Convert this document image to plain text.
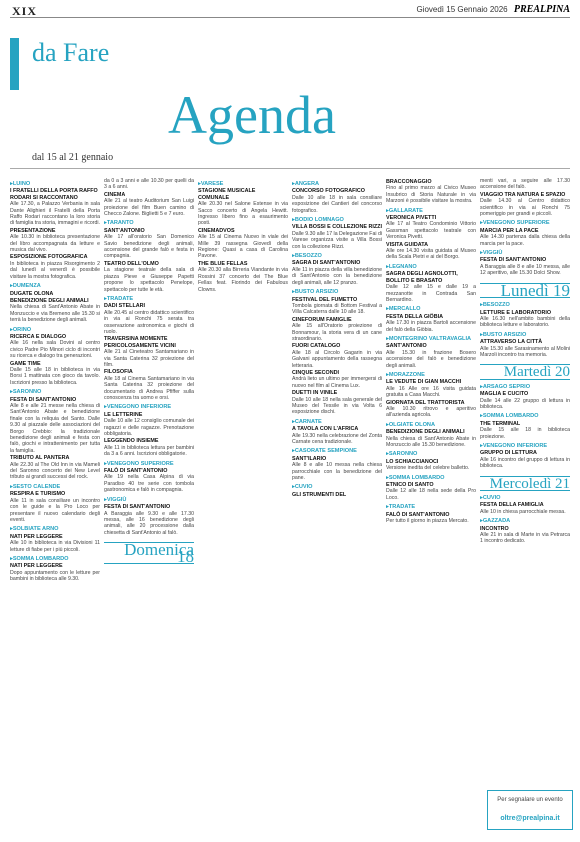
XIX	Giovedì 15 Gennaio 2026 PREALPINA
da Fare
Agenda
dal 15 al 21 gennaio
▸ LUINO
I FRATELLI DELLA PORTA RAFFO RODARI SI RACCONTANO
Alle 17.30, a Palazzo Verbania in sala Dante Alighieri il Fratelli della Porta Raffo Rodari raccontano la loro storia di famiglia tra storia, immagini e ricordi.
PRESENTAZIONE
Alle 10.30 in biblioteca presentazione del libro accompagnata da letture e musica dal vivo.
ESPOSIZIONE FOTOGRAFICA
In biblioteca in piazza Risorgimento 2 dal lunedì al venerdì è possibile visitare la mostra fotografica.
▸ DUMENZA
DUGATE OLONA
BENEDIZIONE DEGLI ANIMALI
Nella chiesa di Sant'Antonio Abate in Monzuccio e via Bremeno alle 15.30 si terrà la benedizione degli animali.
▸ ORINO
RICERCA E DIALOGO
Alle 16 nella sala Dovini al centro civico Padre Pio Minori ciclo di incontri su ricerca e dialogo tra generazioni.
GAME TIME
Dalle 15 alle 18 in biblioteca in via Borsi 1 mattinata con gioco da tavolo. Iscrizioni presso la biblioteca.
▸ SARONNO
FESTA DI SANT'ANTONIO
Alle 8 e alle 21 messe nella chiesa di Sant'Antonio Abate e benedizione finale con la reliquia del Santo. Dalle 9.30 al piazzale delle associazioni del Borgo Crebbio: la tradizionale benedizione degli animali e festa con falò, giochi e intrattenimento per tutta la famiglia.
TRIBUTO AL PANTERA
Alle 22.30 al The Old Inn in via Mameli del Saronno concerto dei New Level tributo ai grandi successi del rock.
▸ SESTO CALENDE
RESPIRA E TURISMO
Alle 11 in sala consiliare un incontro con le guide e la Pro Loco per presentare il nuovo calendario degli eventi.
▸ SOLBIATE ARNO
NATI PER LEGGERE
Alle 10 in biblioteca in via Divisioni 11 letture di fiabe per i più piccoli.
▸ SOMMA LOMBARDO
NATI PER LEGGERE
Dopo appuntamento con le letture per bambini in biblioteca alle 9.30.
da 0 a 3 anni e alle 10.30 per quelli da 3 a 6 anni.
CINEMA
Alle 21 al teatro Auditorium San Luigi proiezione del film Buen camino di Checco Zalone. Biglietti 5 e 7 euro.
▸ TARANTO
SANT'ANTONIO
Alle 17 all'oratorio San Domenico Savio benedizione degli animali, accensione del grande falò e festa in compagnia.
TEATRO DELL'OLMO
La stagione teatrale della sala di piazza Pieve e Giuseppe Papetti propone lo spettacolo Penelope, spettacolo per tutte le età.
▸ TRADATE
DADI STELLARI
Alle 20.45 al centro didattico scientifico in via ai Ronchi 75 serata tra osservazione astronomica e giochi di ruolo.
TRAVERSINA MOMENTE PERICOLOSAMENTE VICINI
Alle 21 al Cineteatro Santamariano in via Santa Caterina 32 proiezione del film.
FILOSOFIA
Alle 18 al Cinema Santamariano in via Santa Caterina 32 proiezione del documentario di Andrea Pfiffer sulla conoscenza tra uomo e orsi.
▸ VENEGONO INFERIORE
LE LETTERINE
Dalle 10 alle 12 consiglio comunale dei ragazzi e delle ragazze. Prenotazione obbligatoria.
LEGGENDO INSIEME
Alle 11 in biblioteca lettura per bambini da 3 a 6 anni. Iscrizioni obbligatorie.
▸ VENEGONO SUPERIORE
FALÒ DI SANT'ANTONIO
Alle 19 nella Casa Alpina di via Paradiso 40 tre serie con tombola gastronomica e falò in compagnia.
▸ VIGGIÙ
FESTA DI SANT'ANTONIO
A Baraggia alle 9.30 e alle 17.30 messa, alle 16 benedizione degli animali, alle 20 processione dalla chiesetta di Sant'Antonio al falò.
Domenica 18
▸ VARESE
STAGIONE MUSICALE COMUNALE
Alle 20.30 nel Salone Estense in via Sacco concerto di Angela Hewitt. Ingresso libero fino a esaurimento posti.
CINEMADVOS
Alle 15 al Cinema Nuovo in viale dei Mille 39 rassegna Giovedì della Regione: Quasi a casa di Carolina Pavone.
THE BLUE FELLAS
Alle 20.30 alla Birreria Viandante in via Rossini 37 concerto dei The Blue Fellas feat. Fiorindo dei Fabulous Clowns.
▸ ANGERA
CONCORSO FOTOGRAFICO
Dalle 10 alle 18 in sala consiliare esposizione dei Cantieri del concorso fotografico.
▸ BODIO LOMNAGO
VILLA BOSSI E COLLEZIONE RIZZI
Dalle 9.30 alle 17 la Delegazione Fai di Varese organizza visite a Villa Bossi con la collezione Rizzi.
▸ BESOZZO
SAGRA DI SANT'ANTONIO
Alle 11 in piazza della villa benedizione di Sant'Antonio con la benedizione degli animali, alle 12 pranzo.
▸ BUSTO ARSIZIO
FESTIVAL DEL FUMETTO
Tombola giornata di Bottom Festival a Villa Calcaterra dalle 10 alle 18.
CINEFORUM FAMIGLIE
Alle 15 all'Oratorio proiezione di Bonnamour, la storia vera di un cane straordinario.
FUORI CATALOGO
Alle 18 al Circolo Gagarin in via Galvani appuntamento della rassegna letteraria.
CINQUE SECONDI
Andrà lieto un ultimo per immergersi di nuovo nel film al Cinema Lux.
DUETTI IN VINILE
Dalle 10 alle 18 nella sala generale del Museo del Tessile in via Volta 6 esposizione dischi.
▸ CARNATE
A TAVOLA CON L'AFRICA
Alle 19.30 nella celebrazione del Zonta Carnate cena tradizionale.
▸ CASORATE SEMPIONE
SANT'ILARIO
Alle 8 e alle 10 messa nella chiesa parrocchiale con la benedizione del pane.
▸ CUVIO
GLI STRUMENTI DEL
BRACCONAGGIO
Fino al primo marzo al Civico Museo Insubrico di Storia Naturale in via Marzoni è possibile visitare la mostra.
▸ GALLARATE
VERONICA PIVETTI
Alle 17 al Teatro Condominio Vittorio Gassman spettacolo teatrale con Veronica Pivetti.
VISITA GUIDATA
Alle ore 14.30 visita guidata al Museo della Scala Pietri e ai del Borgo.
▸ LEGNANO
SAGRA DEGLI AGNOLOTTI, BOLLITO E BRASATO
Dalle 12 alle 15 e dalle 19 a mezzanotte in Contrada San Bernardino.
▸ MERCALLO
FESTA DELLA GIÖBIA
Alle 17.30 in piazza Bartoli accensione del falò della Giöbia.
▸ MONTEGRINO VALTRAVAGLIA
SANT'ANTONIO
Alle 15.30 in frazione Bosero accensione del falò e benedizione degli animali.
▸ MORAZZONE
LE VEDUTE DI GIAN MACCHI
Alle 16 Alle ore 16 visita guidata gratuita a Casa Macchi.
GIORNATA DEL TRATTORISTA
Alle 10.30 ritrovo e aperitivo all'azienda agricola.
▸ OLGIATE OLONA
BENEDIZIONE DEGLI ANIMALI
Nella chiesa di Sant'Antonio Abate in Monzuccio alle 15.30 benedizione.
▸ SARONNO
LO SCHIACCIANOCI
Versione inedita del celebre balletto.
▸ SOMMA LOMBARDO
ETNICO DI SANTO
Dalle 12 alle 18 nella sede della Pro Loco.
▸ TRADATE
FALÒ DI SANT'ANTONIO
Per tutto il giorno in piazza Mercato.
menti vari, a seguire alle 17.30 accensione del falò.
VIAGGIO TRA NATURA E SPAZIO
Dalle 14.30 al Centro didattico scientifico in via ai Ronchi 75 pomeriggio per grandi e piccoli.
▸ VENEGONO SUPERIORE
MARCIA PER LA PACE
Alle 14.30 partenza dalla chiesa della marcia per la pace.
▸ VIGGIÙ
FESTA DI SANT'ANTONIO
A Baraggia alle 8 e alle 10 messa, alle 12 aperitivo, alle 15.30 Dolci Show.
Lunedì 19
▸ BESOZZO
LETTURE E LABORATORIO
Alle 16.30 nell'ambito bambini della biblioteca letture e laboratorio.
▸ BUSTO ARSIZIO
ATTRAVERSO LA CITTÀ
Alle 15.30 alle Sarasinamento al Molini Marzoli incontro tra memoria.
Martedì 20
▸ ARSAGO SEPRIO
MAGLIA E CUCITO
Dalle 14 alle 22 gruppo di lettura in biblioteca.
▸ SOMMA LOMBARDO
THE TERMINAL
Dalle 15 alle 18 in biblioteca proiezione.
▸ VENEGONO INFERIORE
GRUPPO DI LETTURA
Alle 16 incontro del gruppo di lettura in biblioteca.
Mercoledì 21
▸ CUVIO
FESTA DELLA FAMIGLIA
Alle 10 in chiesa parrocchiale messa.
▸ GAZZADA
INCONTRO
Alle 21 in sala di Marte in via Petrarca 1 incontro dedicato.
Per segnalare un evento
oltre@prealpina.it
